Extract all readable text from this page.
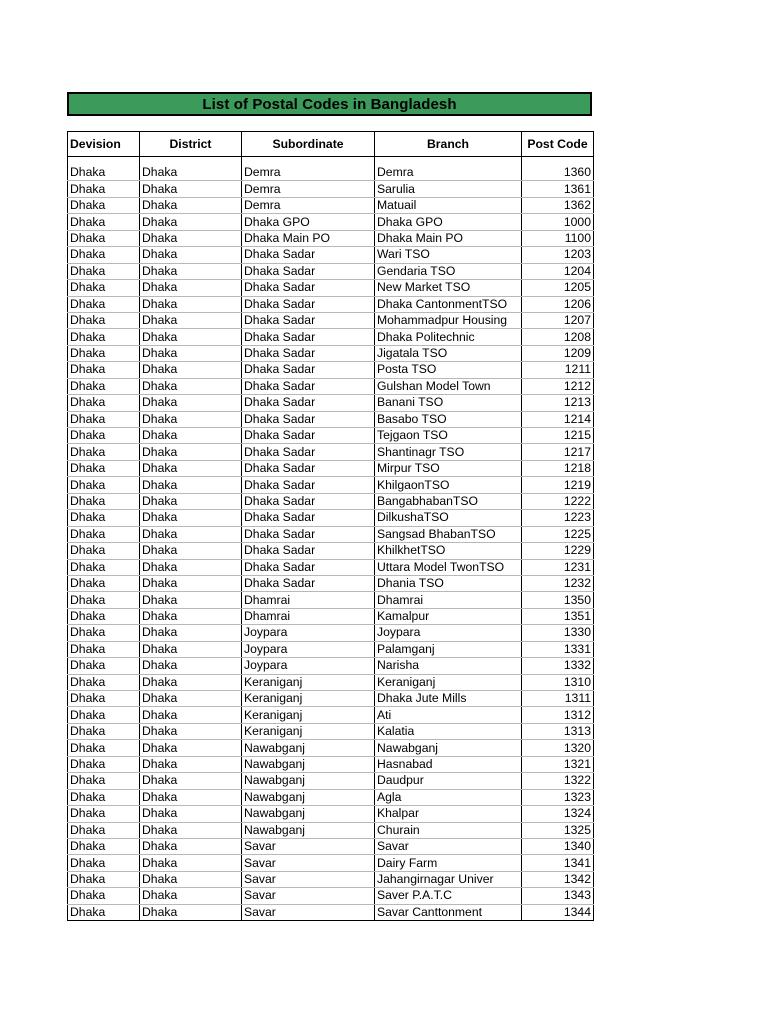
List of Postal Codes in Bangladesh
Devision	District	Subordinate	Branch	Post Code

Dhaka	Dhaka	Demra	Demra	1360
Dhaka	Dhaka	Demra	Sarulia	1361
Dhaka	Dhaka	Demra	Matuail	1362
Dhaka	Dhaka	Dhaka GPO	Dhaka GPO	1000
Dhaka	Dhaka	Dhaka Main PO	Dhaka Main PO	1100
Dhaka	Dhaka	Dhaka Sadar	Wari TSO	1203
Dhaka	Dhaka	Dhaka Sadar	Gendaria TSO	1204
Dhaka	Dhaka	Dhaka Sadar	New Market TSO	1205
Dhaka	Dhaka	Dhaka Sadar	Dhaka CantonmentTSO	1206
Dhaka	Dhaka	Dhaka Sadar	Mohammadpur Housing	1207
Dhaka	Dhaka	Dhaka Sadar	Dhaka Politechnic	1208
Dhaka	Dhaka	Dhaka Sadar	Jigatala TSO	1209
Dhaka	Dhaka	Dhaka Sadar	Posta TSO	1211
Dhaka	Dhaka	Dhaka Sadar	Gulshan Model Town	1212
Dhaka	Dhaka	Dhaka Sadar	Banani TSO	1213
Dhaka	Dhaka	Dhaka Sadar	Basabo TSO	1214
Dhaka	Dhaka	Dhaka Sadar	Tejgaon TSO	1215
Dhaka	Dhaka	Dhaka Sadar	Shantinagr TSO	1217
Dhaka	Dhaka	Dhaka Sadar	Mirpur TSO	1218
Dhaka	Dhaka	Dhaka Sadar	KhilgaonTSO	1219
Dhaka	Dhaka	Dhaka Sadar	BangabhabanTSO	1222
Dhaka	Dhaka	Dhaka Sadar	DilkushaTSO	1223
Dhaka	Dhaka	Dhaka Sadar	Sangsad BhabanTSO	1225
Dhaka	Dhaka	Dhaka Sadar	KhilkhetTSO	1229
Dhaka	Dhaka	Dhaka Sadar	Uttara Model TwonTSO	1231
Dhaka	Dhaka	Dhaka Sadar	Dhania TSO	1232
Dhaka	Dhaka	Dhamrai	Dhamrai	1350
Dhaka	Dhaka	Dhamrai	Kamalpur	1351
Dhaka	Dhaka	Joypara	Joypara	1330
Dhaka	Dhaka	Joypara	Palamganj	1331
Dhaka	Dhaka	Joypara	Narisha	1332
Dhaka	Dhaka	Keraniganj	Keraniganj	1310
Dhaka	Dhaka	Keraniganj	Dhaka Jute Mills	1311
Dhaka	Dhaka	Keraniganj	Ati	1312
Dhaka	Dhaka	Keraniganj	Kalatia	1313
Dhaka	Dhaka	Nawabganj	Nawabganj	1320
Dhaka	Dhaka	Nawabganj	Hasnabad	1321
Dhaka	Dhaka	Nawabganj	Daudpur	1322
Dhaka	Dhaka	Nawabganj	Agla	1323
Dhaka	Dhaka	Nawabganj	Khalpar	1324
Dhaka	Dhaka	Nawabganj	Churain	1325
Dhaka	Dhaka	Savar	Savar	1340
Dhaka	Dhaka	Savar	Dairy Farm	1341
Dhaka	Dhaka	Savar	Jahangirnagar Univer	1342
Dhaka	Dhaka	Savar	Saver P.A.T.C	1343
Dhaka	Dhaka	Savar	Savar Canttonment	1344
